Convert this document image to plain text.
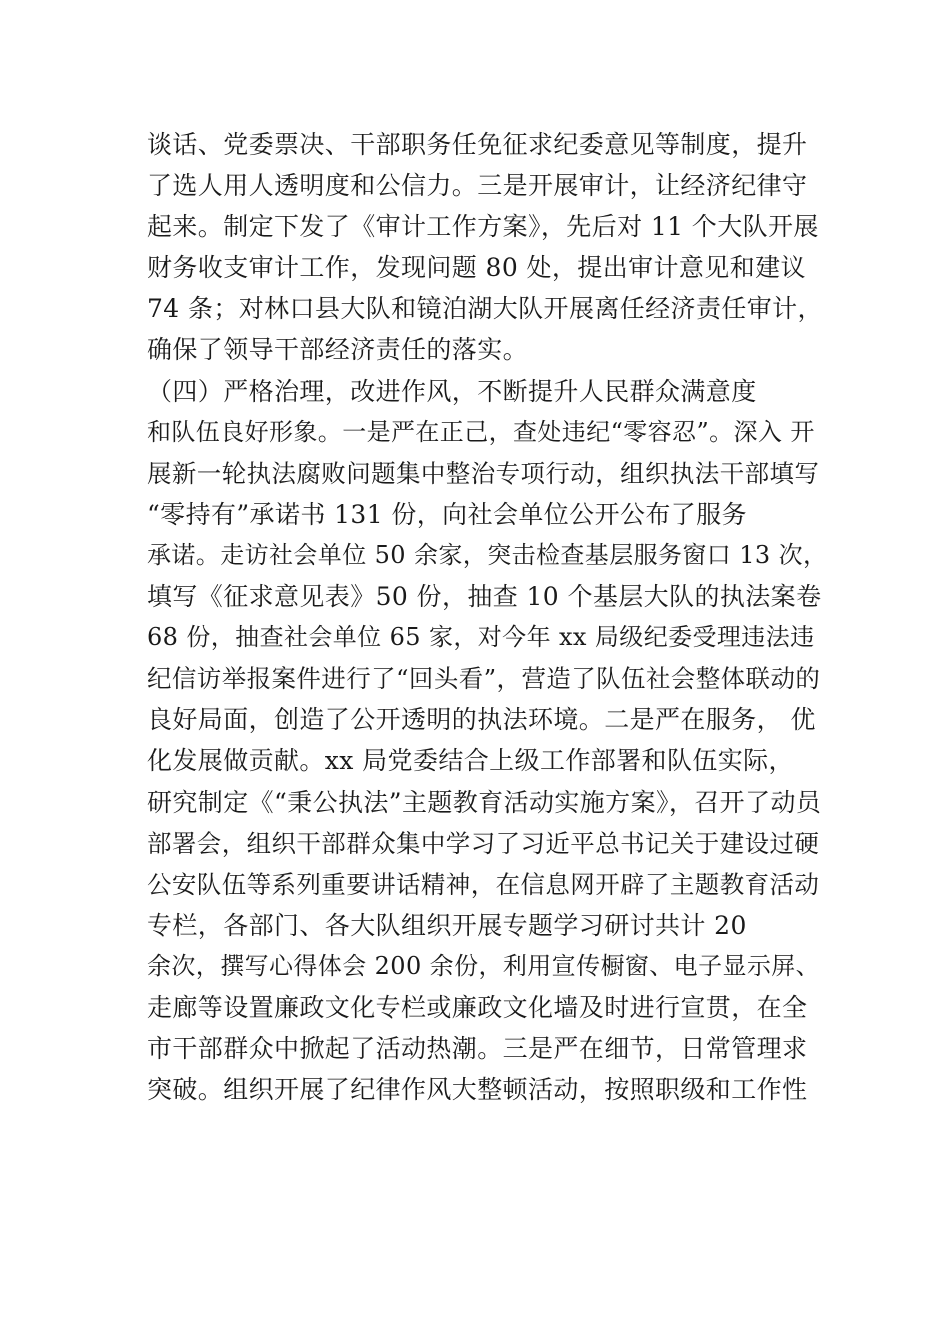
谈话、党委票决、干部职务任免征求纪委意见等制度，提升
了选人用人透明度和公信力。三是开展审计，让经济纪律守
起来。制定下发了《审计工作方案》，先后对 11 个大队开展
财务收支审计工作，发现问题 80 处，提出审计意见和建议
74 条；对林口县大队和镜泊湖大队开展离任经济责任审计，
确保了领导干部经济责任的落实。
（四）严格治理，改进作风，不断提升人民群众满意度
和队伍良好形象。一是严在正己，查处违纪“零容忍”。深入 开
展新一轮执法腐败问题集中整治专项行动，组织执法干部填写
“零持有”承诺书 131 份，向社会单位公开公布了服务
承诺。走访社会单位 50 余家，突击检查基层服务窗口 13 次，
填写《征求意见表》50 份，抽查 10 个基层大队的执法案卷
68 份，抽查社会单位 65 家，对今年 xx 局级纪委受理违法违
纪信访举报案件进行了“回头看”，营造了队伍社会整体联动的
良好局面，创造了公开透明的执法环境。二是严在服务， 优
化发展做贡献。xx 局党委结合上级工作部署和队伍实际，
研究制定《“秉公执法”主题教育活动实施方案》，召开了动员
部署会，组织干部群众集中学习了习近平总书记关于建设过硬
公安队伍等系列重要讲话精神，在信息网开辟了主题教育活动
专栏，各部门、各大队组织开展专题学习研讨共计 20
余次，撰写心得体会 200 余份，利用宣传橱窗、电子显示屏、
走廊等设置廉政文化专栏或廉政文化墙及时进行宣贯，在全
市干部群众中掀起了活动热潮。三是严在细节，日常管理求
突破。组织开展了纪律作风大整顿活动，按照职级和工作性
